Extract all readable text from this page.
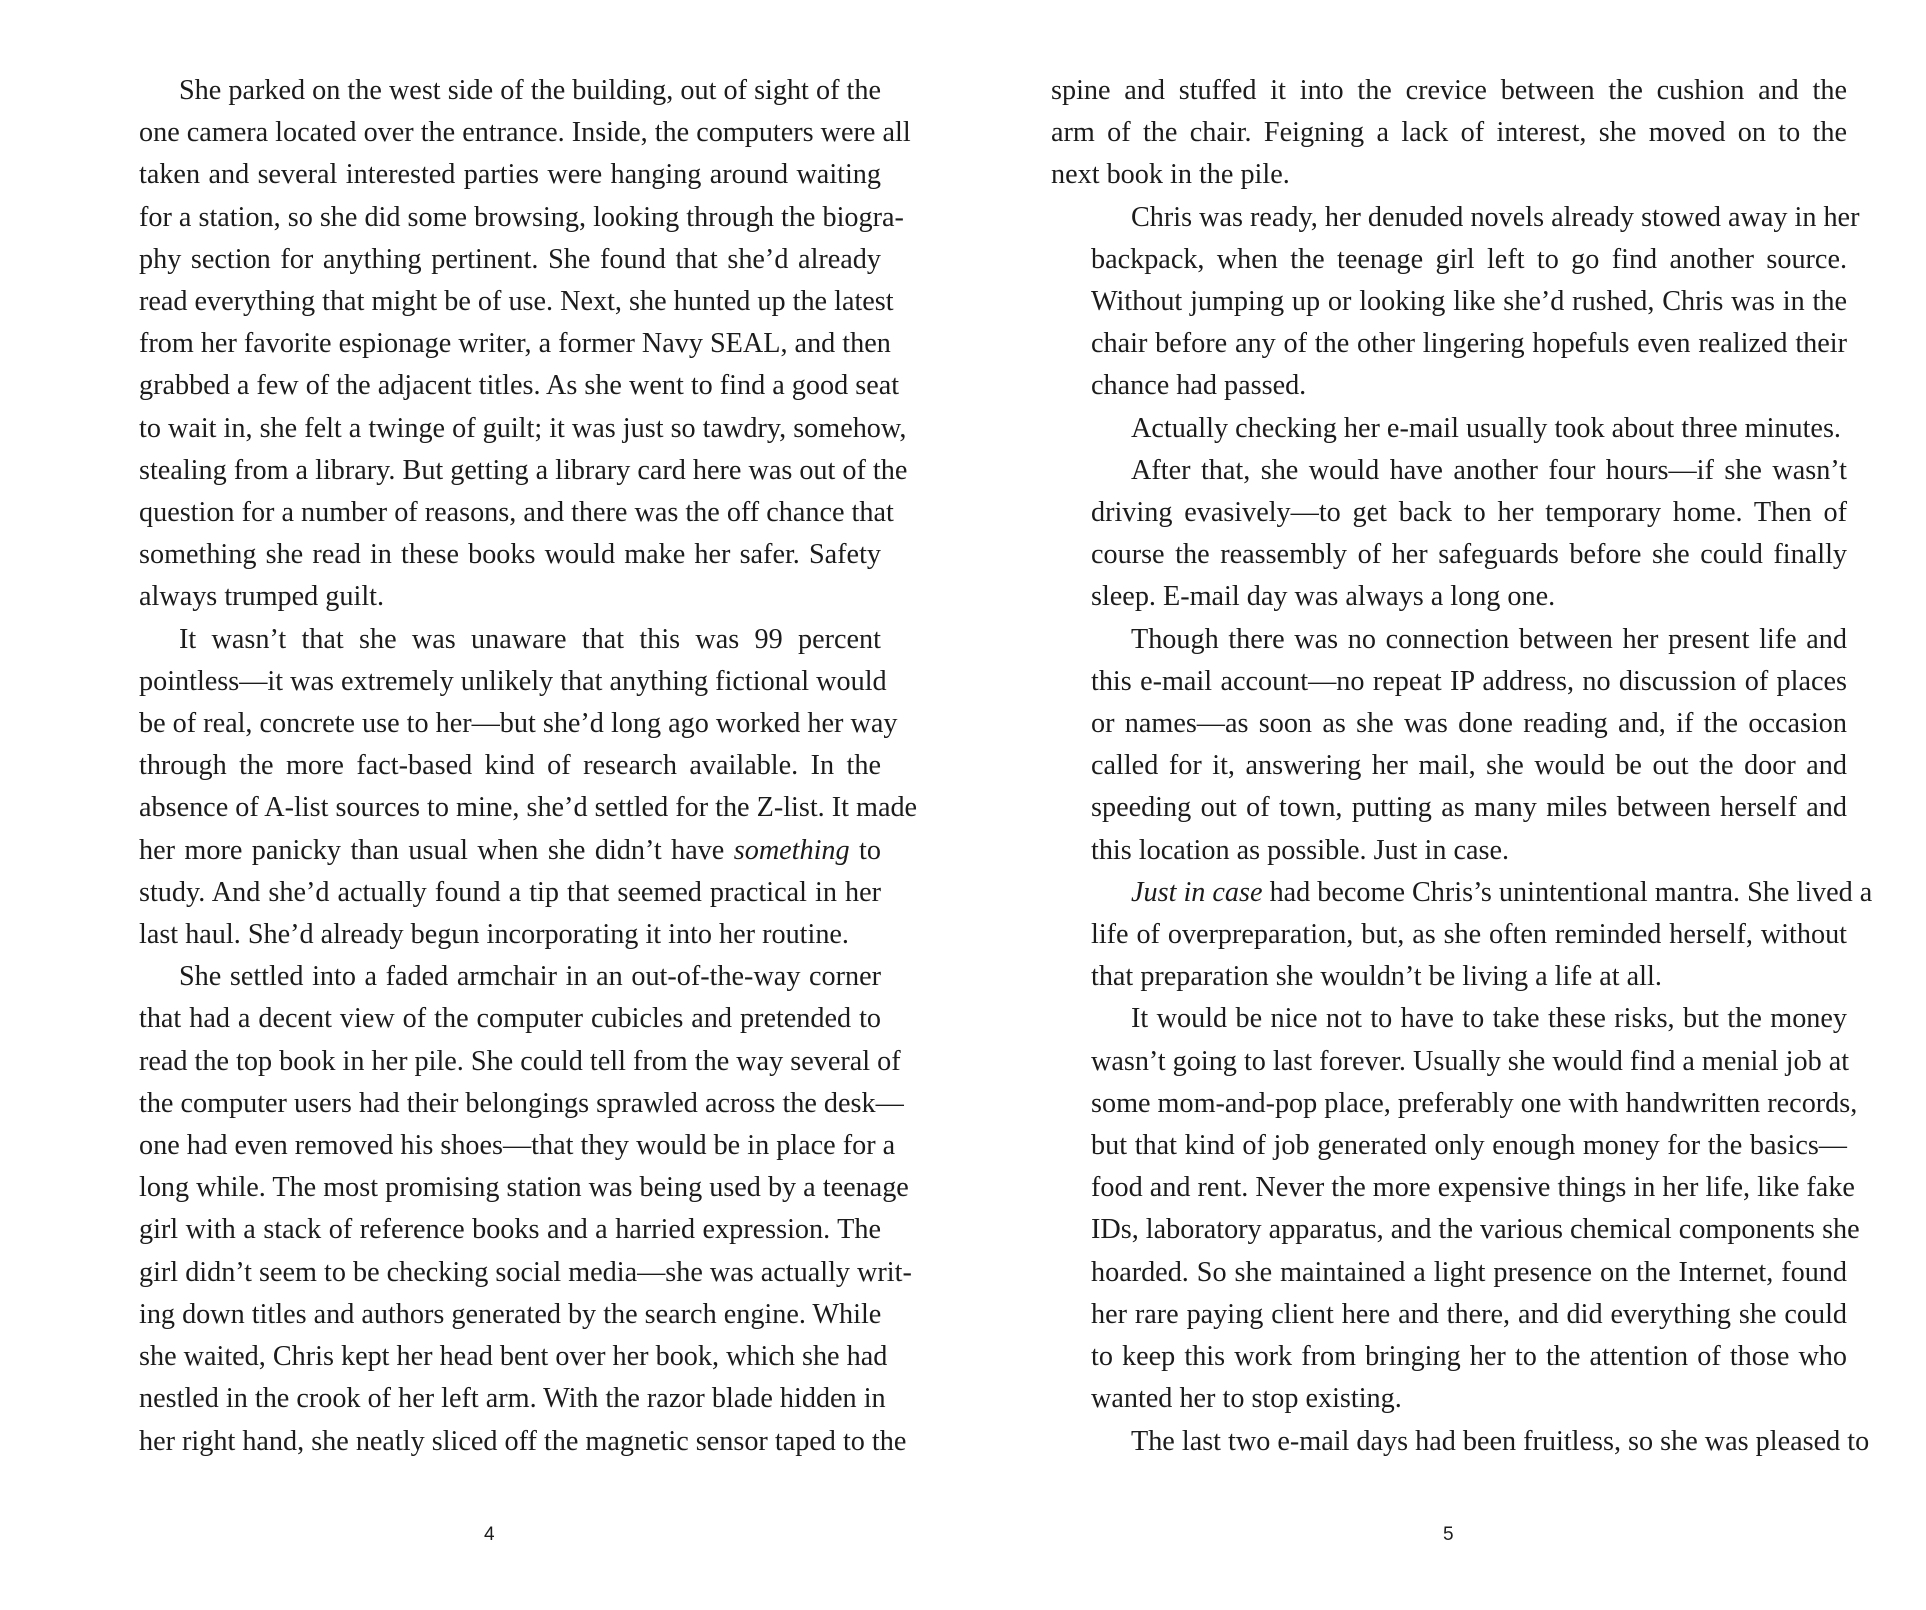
She parked on the west side of the building, out of sight of the
one camera located over the entrance. Inside, the computers were all
taken and several interested parties were hanging around waiting
for a station, so she did some browsing, looking through the biogra-
phy section for anything pertinent. She found that she’d already
read everything that might be of use. Next, she hunted up the latest
from her favorite espionage writer, a former Navy SEAL, and then
grabbed a few of the adjacent titles. As she went to find a good seat
to wait in, she felt a twinge of guilt; it was just so tawdry, somehow,
stealing from a library. But getting a library card here was out of the
question for a number of reasons, and there was the off chance that
something she read in these books would make her safer. Safety
always trumped guilt.

It wasn’t that she was unaware that this was 99 percent
pointless—it was extremely unlikely that anything fictional would
be of real, concrete use to her—but she’d long ago worked her way
through the more fact-based kind of research available. In the
absence of A-list sources to mine, she’d settled for the Z-list. It made
her more panicky than usual when she didn’t have something to
study. And she’d actually found a tip that seemed practical in her
last haul. She’d already begun incorporating it into her routine.

She settled into a faded armchair in an out-of-the-way corner
that had a decent view of the computer cubicles and pretended to
read the top book in her pile. She could tell from the way several of
the computer users had their belongings sprawled across the desk—
one had even removed his shoes—that they would be in place for a
long while. The most promising station was being used by a teenage
girl with a stack of reference books and a harried expression. The
girl didn’t seem to be checking social media—she was actually writ-
ing down titles and authors generated by the search engine. While
she waited, Chris kept her head bent over her book, which she had
nestled in the crook of her left arm. With the razor blade hidden in
her right hand, she neatly sliced off the magnetic sensor taped to the

spine and stuffed it into the crevice between the cushion and the
arm of the chair. Feigning a lack of interest, she moved on to the
next book in the pile.

Chris was ready, her denuded novels already stowed away in her
backpack, when the teenage girl left to go find another source.
Without jumping up or looking like she’d rushed, Chris was in the
chair before any of the other lingering hopefuls even realized their
chance had passed.

Actually checking her e-mail usually took about three minutes.

After that, she would have another four hours—if she wasn’t
driving evasively—to get back to her temporary home. Then of
course the reassembly of her safeguards before she could finally
sleep. E-mail day was always a long one.

Though there was no connection between her present life and
this e-mail account—no repeat IP address, no discussion of places
or names—as soon as she was done reading and, if the occasion
called for it, answering her mail, she would be out the door and
speeding out of town, putting as many miles between herself and
this location as possible. Just in case.

Just in case had become Chris’s unintentional mantra. She lived a
life of overpreparation, but, as she often reminded herself, without
that preparation she wouldn’t be living a life at all.

It would be nice not to have to take these risks, but the money
wasn’t going to last forever. Usually she would find a menial job at
some mom-and-pop place, preferably one with handwritten records,
but that kind of job generated only enough money for the basics—
food and rent. Never the more expensive things in her life, like fake
IDs, laboratory apparatus, and the various chemical components she
hoarded. So she maintained a light presence on the Internet, found
her rare paying client here and there, and did everything she could
to keep this work from bringing her to the attention of those who
wanted her to stop existing.

The last two e-mail days had been fruitless, so she was pleased to

4	5
